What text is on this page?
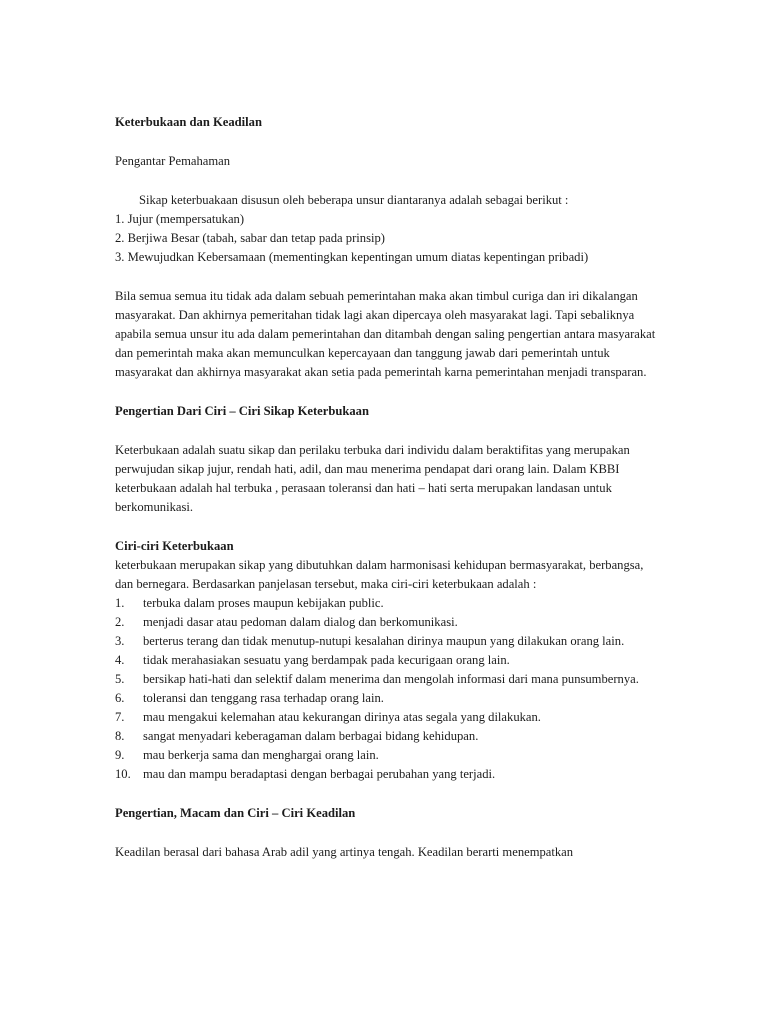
Keterbukaan dan Keadilan

Pengantar Pemahaman

Sikap keterbuakaan disusun oleh beberapa unsur diantaranya adalah sebagai berikut :

1. Jujur (mempersatukan)
2. Berjiwa Besar (tabah, sabar dan tetap pada prinsip)
3. Mewujudkan Kebersamaan (mementingkan kepentingan umum diatas kepentingan pribadi)

Bila semua semua itu tidak ada dalam sebuah pemerintahan maka akan timbul curiga dan iri dikalangan masyarakat. Dan akhirnya pemeritahan tidak lagi akan dipercaya oleh masyarakat lagi. Tapi sebaliknya apabila semua unsur itu ada dalam pemerintahan dan ditambah dengan saling pengertian antara masyarakat dan pemerintah maka akan memunculkan kepercayaan dan tanggung jawab dari pemerintah untuk masyarakat dan akhirnya masyarakat akan setia pada pemerintah karna pemerintahan menjadi transparan.

Pengertian Dari Ciri – Ciri Sikap Keterbukaan

Keterbukaan adalah suatu sikap dan perilaku terbuka dari individu dalam beraktifitas yang merupakan perwujudan sikap jujur, rendah hati, adil, dan mau menerima pendapat dari orang lain. Dalam KBBI keterbukaan adalah hal terbuka , perasaan toleransi dan hati – hati serta merupakan landasan untuk berkomunikasi.

Ciri-ciri Keterbukaan

keterbukaan merupakan sikap yang dibutuhkan dalam harmonisasi kehidupan bermasyarakat, berbangsa, dan bernegara. Berdasarkan panjelasan tersebut, maka ciri-ciri keterbukaan adalah :

1. terbuka dalam proses maupun kebijakan public.
2. menjadi dasar atau pedoman dalam dialog dan berkomunikasi.
3. berterus terang dan tidak menutup-nutupi kesalahan dirinya maupun yang dilakukan orang lain.
4. tidak merahasiakan sesuatu yang berdampak pada kecurigaan orang lain.
5. bersikap hati-hati dan selektif dalam menerima dan mengolah informasi dari mana punsumbernya.
6. toleransi dan tenggang rasa terhadap orang lain.
7. mau mengakui kelemahan atau kekurangan dirinya atas segala yang dilakukan.
8. sangat menyadari keberagaman dalam berbagai bidang kehidupan.
9. mau berkerja sama dan menghargai orang lain.
10. mau dan mampu beradaptasi dengan berbagai perubahan yang terjadi.

Pengertian, Macam dan Ciri – Ciri Keadilan

Keadilan berasal dari bahasa Arab adil yang artinya tengah. Keadilan berarti menempatkan
